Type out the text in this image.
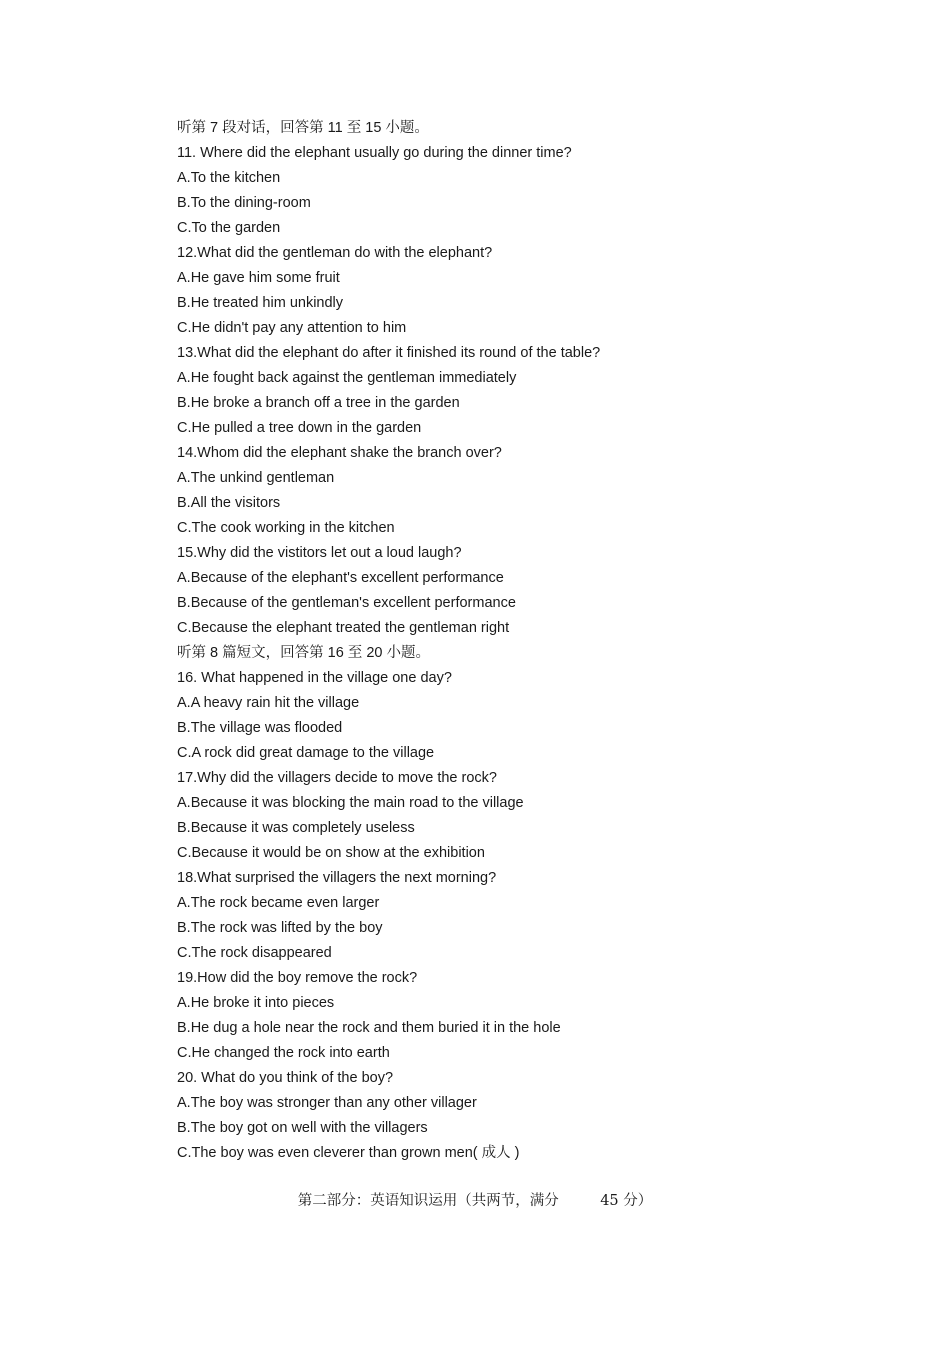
听第 7 段对话，回答第 11 至 15 小题。
11. Where did the elephant usually go during the dinner time?
A.To the kitchen
B.To the dining-room
C.To the garden
12.What did the gentleman do with the elephant?
A.He gave him some fruit
B.He treated him unkindly
C.He didn't pay any attention to him
13.What did the elephant do after it finished its round of the table?
A.He fought back against the gentleman immediately
B.He broke a branch off a tree in the garden
C.He pulled a tree down in the garden
14.Whom did the elephant shake the branch over?
A.The unkind gentleman
B.All the visitors
C.The cook working in the kitchen
15.Why did the vistitors let out a loud laugh?
A.Because of the elephant's excellent performance
B.Because of the gentleman's excellent performance
C.Because the elephant treated the gentleman right
听第 8 篇短文，回答第 16 至 20 小题。
16. What happened in the village one day?
A.A heavy rain hit the village
B.The village was flooded
C.A rock did great damage to the village
17.Why did the villagers decide to move the rock?
A.Because it was blocking the main road to the village
B.Because it was completely useless
C.Because it would be on show at the exhibition
18.What surprised the villagers the next morning?
A.The rock became even larger
B.The rock was lifted by the boy
C.The rock disappeared
19.How did the boy remove the rock?
A.He broke it into pieces
B.He dug a hole near the rock and them buried it in the hole
C.He changed the rock into earth
20. What do you think of the boy?
A.The boy was stronger than any other villager
B.The boy got on well with the villagers
C.The boy was even cleverer than grown men( 成人 )
第二部分：英语知识运用（共两节，满分         45 分）
